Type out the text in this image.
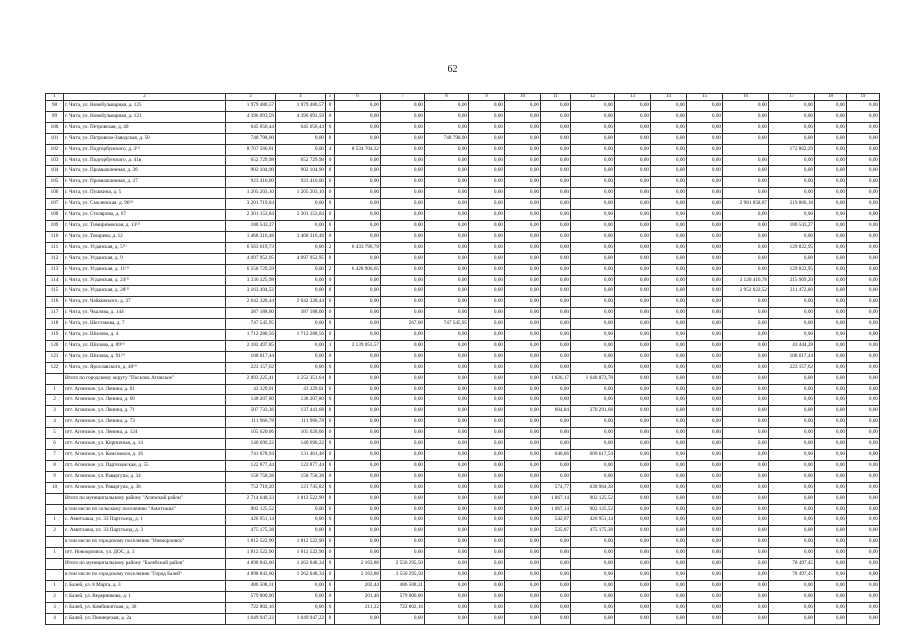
62
1	2	3	4	5	6	7	8	9	10	11	12	13	14	15	16	17	18	19
98	г. Чита, ул. Новобульварная, д. 125	1 979 480,57	1 979 480,57	0	0,00	0,00	0,00	0,00	0,00	0,00	0,00	0,00	0,00	0,00	0,00	0,00	0,00	0,00
99	г. Чита, ул. Новобульварная, д. 121	4 396 093,59	4 396 093,59	0	0,00	0,00	0,00	0,00	0,00	0,00	0,00	0,00	0,00	0,00	0,00	0,00	0,00	0,00
100	г. Чита, ул. Петровская, д. 40	645 056,44	645 056,44	0	0,00	0,00	0,00	0,00	0,00	0,00	0,00	0,00	0,00	0,00	0,00	0,00	0,00	0,00
101	г. Чита, ул. Петровско-Заводская, д. 50	748 798,00	0,00	0	0,00	0,00	748 798,00	0,00	0,00	0,00	0,00	0,00	0,00	0,00	0,00	0,00	0,00	0,00
102	г. Чита, ул. Подгорбунского, д. 3⁽¹⁾	8 707 566,61	0,00	4	8 534 704,32	0,00	0,00	0,00	0,00	0,00	0,00	0,00	0,00	0,00		172 862,29	0,00	0,00
103	г. Чита, ул. Подгорбунского, д. 41в	652 729,98	652 729,98	0	0,00	0,00	0,00	0,00	0,00	0,00	0,00	0,00	0,00	0,00	0,00	0,00	0,00	0,00
104	г. Чита, ул. Промышленная, д. 26	902 104,90	902 104,90	0	0,00	0,00	0,00	0,00	0,00	0,00	0,00	0,00	0,00	0,00	0,00	0,00	0,00	0,00
105	г. Чита, ул. Промышленная, д. 27	923 416,00	923 416,00	0	0,00	0,00	0,00	0,00	0,00	0,00	0,00	0,00	0,00	0,00	0,00	0,00	0,00	0,00
106	г. Чита, ул. Пушкина, д. 5	1 205 203,10	1 205 203,10	0	0,00	0,00	0,00	0,00	0,00	0,00	0,00	0,00	0,00	0,00	0,00	0,00	0,00	0,00
107	г. Чита, ул. Смоленская, д. 96⁽¹⁾	3 201 719,04	0,00	0	0,00	0,00	0,00	0,00	0,00	0,00	0,00	0,00	0,00	0,00	2 981 858,87	219 860,18	0,00	0,00
108	г. Чита, ул. Столярова, д. 67	2 301 153,84	2 301 153,84	0	0,00	0,00	0,00	0,00	0,00	0,00	0,00	0,00	0,00	0,00	0,00	0,00	0,00	0,00
109	г. Чита, ул. Тимирязевская, д. 13⁽¹⁾	180 543,27	0,00	0	0,00	0,00	0,00	0,00	0,00	0,00	0,00	0,00	0,00	0,00	0,00	180 543,27	0,00	0,00
110	г. Чита, ул. Токарева, д. 12	1 468 316,48	1 468 316,48	0	0,00	0,00	0,00	0,00	0,00	0,00	0,00	0,00	0,00	0,00	0,00	0,00	0,00	0,00
111	г. Чита, ул. Угданская, д. 5⁽¹⁾	6 563 619,73	0,00	2	6 433 796,78	0,00	0,00	0,00	0,00	0,00	0,00	0,00	0,00	0,00	0,00	129 822,95	0,00	0,00
112	г. Чита, ул. Угданская, д. 9	4 097 952,95	4 097 952,95	0	0,00	0,00	0,00	0,00	0,00	0,00	0,00	0,00	0,00	0,00	0,00	0,00	0,00	0,00
113	г. Чита, ул. Угданская, д. 11⁽¹⁾	6 558 729,59	0,00	2	6 428 906,65	0,00	0,00	0,00	0,00	0,00	0,00	0,00	0,00	0,00	0,00	129 822,95	0,00	0,00
114	г. Чита, ул. Угданская, д. 24⁽¹⁾	3 336 325,98	0,00	0	0,00	0,00	0,00	0,00	0,00	0,00	0,00	0,00	0,00	0,00	3 120 416,78	215 909,20	0,00	0,00
115	г. Чита, ул. Угданская, д. 28⁽¹⁾	3 163 494,52	0,00	0	0,00	0,00	0,00	0,00	0,00	0,00	0,00	0,00	0,00	0,00	2 952 022,52	211 472,00	0,00	0,00
116	г. Чита, ул. Чайковского, д. 37	2 642 328,44	2 642 328,44	0	0,00	0,00	0,00	0,00	0,00	0,00	0,00	0,00	0,00	0,00	0,00	0,00	0,00	0,00
117	г. Чита, ул. Чкалова, д. 144	387 188,00	387 188,00	0	0,00	0,00	0,00	0,00	0,00	0,00	0,00	0,00	0,00	0,00	0,00	0,00	0,00	0,00
118	г. Чита, ул. Шестакова, д. 7	747 545,95	0,00	0	0,00	267,00	747 545,95	0,00	0,00	0,00	0,00	0,00	0,00	0,00	0,00	0,00	0,00	0,00
119	г. Чита, ул. Шилова, д. 4	1 712 288,56	1 712 288,56	0	0,00	0,00	0,00	0,00	0,00	0,00	0,00	0,00	0,00	0,00	0,00	0,00	0,00	0,00
120	г. Чита, ул. Шилова, д. 89⁽¹⁾	2 182 497,85	0,00	1	2 139 053,57	0,00	0,00	0,00	0,00	0,00	0,00	0,00	0,00	0,00	0,00	43 444,28	0,00	0,00
121	г. Чита, ул. Шилова, д. 91⁽¹⁾	108 017,44	0,00	0	0,00	0,00	0,00	0,00	0,00	0,00	0,00	0,00	0,00	0,00	0,00	108 017,44	0,00	0,00
122	г. Чита, ул. Ярославского, д. 40⁽¹⁾	223 157,62	0,00	0	0,00	0,00	0,00	0,00	0,00	0,00	0,00	0,00	0,00	0,00	0,00	223 157,62	0,00	0,00
	Итого по городскому округу "Поселок Агинское"	2 893 225,41	1 252 351,64	0	0,00	0,00	0,00	0,00	0,00	1 826,17	1 640 873,78	0,00	0,00	0,00	0,00	0,00	0,00	0,00
1	пгт. Агинское, ул. Ленина, д. 61	43 329,01	43 329,01	0	0,00	0,00	0,00	0,00	0,00	0,00	0,00	0,00	0,00	0,00	0,00	0,00	0,00	0,00
2	пгт. Агинское, ул. Ленина, д. 69	138 207,80	138 207,80	0	0,00	0,00	0,00	0,00	0,00	0,00	0,00	0,00	0,00	0,00	0,00	0,00	0,00	0,00
3	пгт. Агинское, ул. Ленина, д. 71	507 733,36	137 441,68	0	0,00	0,00	0,00	0,00	0,00	604,84	370 291,68	0,00	0,00	0,00	0,00	0,00	0,00	0,00
4	пгт. Агинское, ул. Ленина, д. 73	111 966,78	111 966,78	0	0,00	0,00	0,00	0,00	0,00	0,00	0,00	0,00	0,00	0,00	0,00	0,00	0,00	0,00
5	пгт. Агинское, ул. Ленина, д. 124	105 620,06	105 620,06	0	0,00	0,00	0,00	0,00	0,00	0,00	0,00	0,00	0,00	0,00	0,00	0,00	0,00	0,00
6	пгт. Агинское, ул. Кирпичная, д. 14	140 690,22	140 690,22	0	0,00	0,00	0,00	0,00	0,00	0,00	0,00	0,00	0,00	0,00	0,00	0,00	0,00	0,00
7	пгт. Агинское, ул. Комсомола, д. 16	741 078,94	131 461,48	0	0,00	0,00	0,00	0,00	0,00	646,66	609 617,54	0,00	0,00	0,00	0,00	0,00	0,00	0,00
8	пгт. Агинское, ул. Партизанская, д. 55	122 877,44	122 877,44	0	0,00	0,00	0,00	0,00	0,00	0,00	0,00	0,00	0,00	0,00	0,00	0,00	0,00	0,00
9	пгт. Агинское, ул. Раваргупа, д. 34	158 758,38	158 758,38	0	0,00	0,00	0,00	0,00	0,00	0,00	0,00	0,00	0,00	0,00	0,00	0,00	0,00	0,00
10	пгт. Агинское, ул. Раваргупа, д. 38	752 710,20	121 745,82	0	0,00	0,00	0,00	0,00	0,00	574,77	630 964,38	0,00	0,00	0,00	0,00	0,00	0,00	0,00
	Итого по муниципальному району "Агинский район"	2 714 648,33	1 812 522,90	0	0,00	0,00	0,00	0,00	0,00	1 067,14	902 125,52	0,00	0,00	0,00	0,00	0,00	0,00	0,00
	в том числе по сельскому поселению "Амитхаша"	902 125,52	0,00	0	0,00	0,00	0,00	0,00	0,00	1 067,14	902 125,52	0,00	0,00	0,00	0,00	0,00	0,00	0,00
1	с. Амитхаша, ул. 33 Партсъезд, д. 1	426 951,14	0,00	0	0,00	0,00	0,00	0,00	0,00	542,07	426 951,14	0,00	0,00	0,00	0,00	0,00	0,00	0,00
2	с. Амитхаша, ул. 33 Партсъезд, д. 3	475 175,38	0,00	0	0,00	0,00	0,00	0,00	0,00	525,07	475 175,38	0,00	0,00	0,00	0,00	0,00	0,00	0,00
	в том числе по городскому поселению "Новоорловск"	1 812 522,90	1 812 522,90	0	0,00	0,00	0,00	0,00	0,00	0,00	0,00	0,00	0,00	0,00	0,00	0,00	0,00	0,00
1	пгт. Новоорловск, ул. ДОС, д. 3	1 812 522,90	1 812 522,90	0	0,00	0,00	0,00	0,00	0,00	0,00	0,00	0,00	0,00	0,00	0,00	0,00	0,00	0,00
	Итого по муниципальному району "Балейский район"	4 898 843,60	1 262 048,34	0	2 163,88	2 550 295,50	0,00	0,00	0,00	0,00	0,00	0,00	0,00	0,00	0,00	78 497,45	0,00	0,00
	в том числе по городскому поселению "Город Балей"	4 898 843,60	1 262 048,34	0	2 163,88	3 550 295,50	0,00	0,00	0,00	0,00	0,00	0,00	0,00	0,00	0,00	78 497,45	0,00	0,00
1	г. Балей, ул. 8 Марта, д. 3	486 508,31	0,00	0	202,44	486 508,31	0,00	0,00	0,00	0,00	0,00	0,00	0,00	0,00	0,00	0,00	0,00	0,00
2	г. Балей, ул. Ведерникова, д. 1	579 000,00	0,00	0	201,40	579 000,00	0,00	0,00	0,00	0,00	0,00	0,00	0,00	0,00	0,00	0,00	0,00	0,00
3	г. Балей, ул. Комбинатская, д. 36	722 802,16	0,00	0	211,22	722 802,16	0,00	0,00	0,00	0,00	0,00	0,00	0,00	0,00	0,00	0,00	0,00	0,00
4	г. Балей, ул. Пионерская, д. 2а	1 049 947,22	1 049 947,22	0	0,00	0,00	0,00	0,00	0,00	0,00	0,00	0,00	0,00	0,00	0,00	0,00	0,00	0,00
